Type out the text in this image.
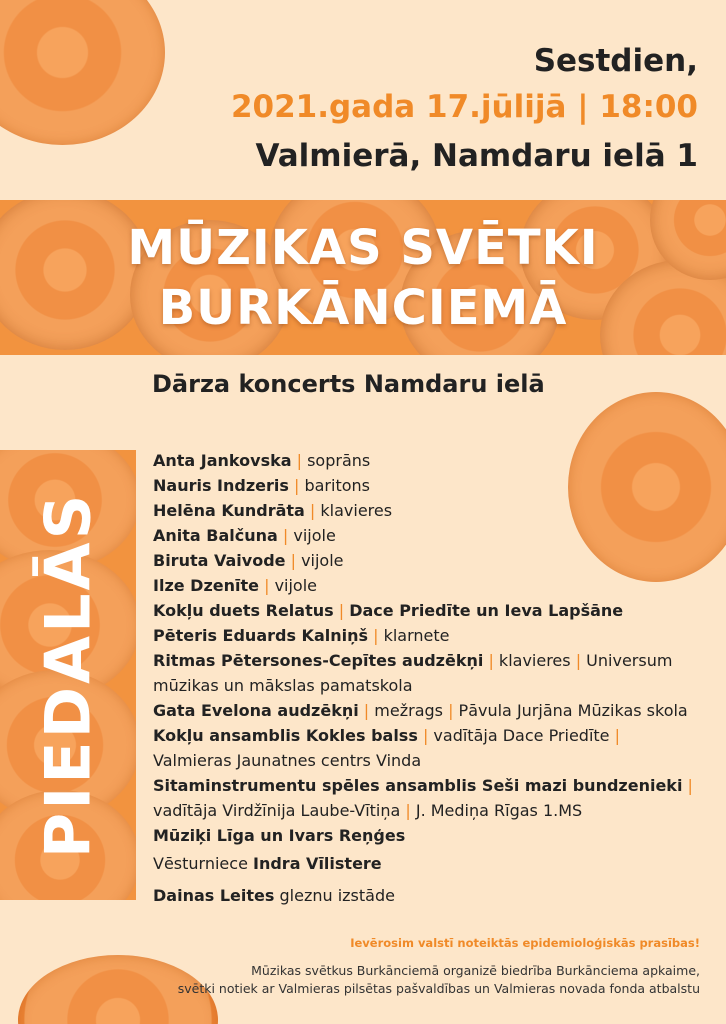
Sestdien,
2021.gada 17.jūlijā | 18:00
Valmierā, Namdaru ielā 1
MŪZIKAS SVĒTKI
BURKĀNCIEMĀ
Dārza koncerts Namdaru ielā
PIEDALĀS
Anta Jankovska | soprāns
Nauris Indzeris | baritons
Helēna Kundrāta | klavieres
Anita Balčuna | vijole
Biruta Vaivode | vijole
Ilze Dzenīte | vijole
Kokļu duets Relatus | Dace Priedīte un Ieva Lapšāne
Pēteris Eduards Kalniņš | klarnete
Ritmas Pētersones-Cepītes audzēkņi | klavieres | Universum
mūzikas un mākslas pamatskola
Gata Evelona audzēkņi | mežrags | Pāvula Jurjāna Mūzikas skola
Kokļu ansamblis Kokles balss | vadītāja Dace Priedīte |
Valmieras Jaunatnes centrs Vinda
Sitaminstrumentu spēles ansamblis Seši mazi bundzenieki |
vadītāja Virdžīnija Laube-Vītiņa | J. Mediņa Rīgas 1.MS
Mūziķi Līga un Ivars Reņģes
Vēsturniece Indra Vīlistere
Dainas Leites gleznu izstāde
Ievērosim valstī noteiktās epidemioloģiskās prasības!
Mūzikas svētkus Burkānciemā organizē biedrība Burkānciema apkaime,
svētki notiek ar Valmieras pilsētas pašvaldības un Valmieras novada fonda atbalstu
